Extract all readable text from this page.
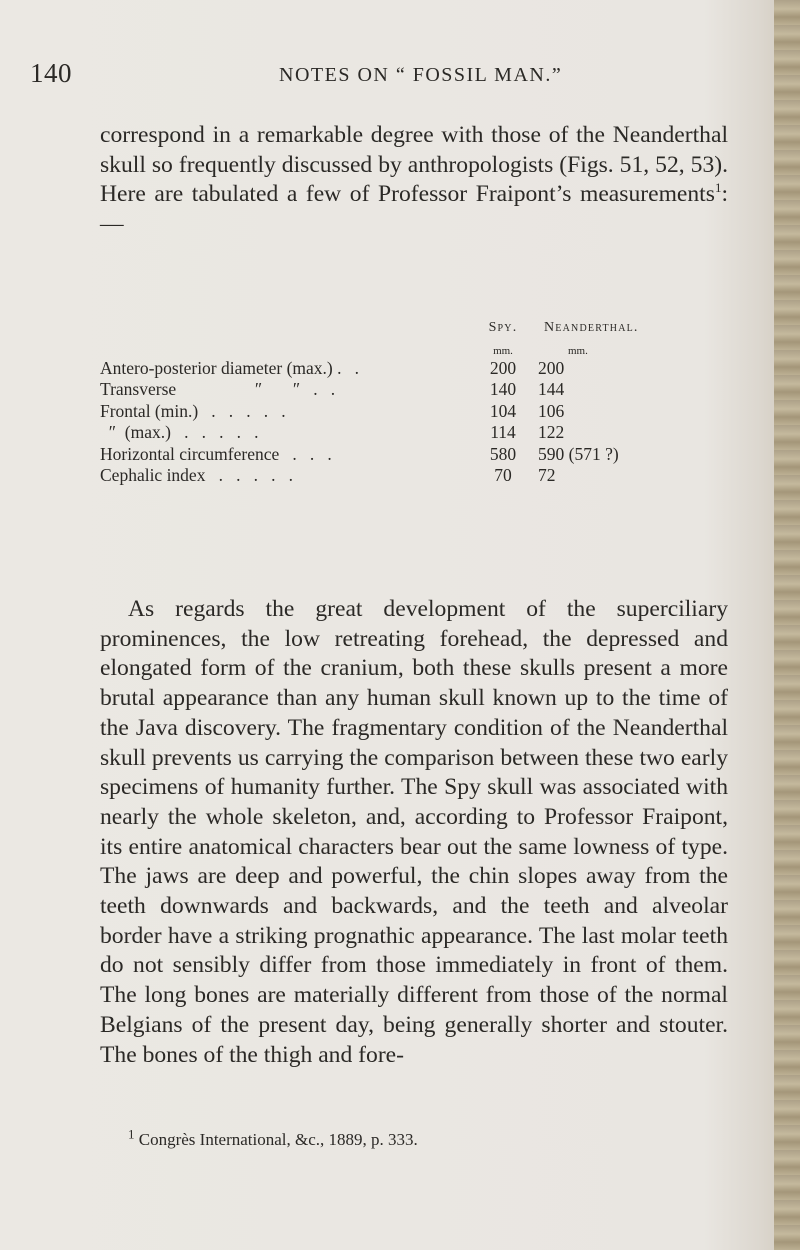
140	NOTES ON “ FOSSIL MAN.”
correspond in a remarkable degree with those of the Neanderthal skull so frequently discussed by anthropologists (Figs. 51, 52, 53). Here are tabulated a few of Professor Fraipont’s measurements$^1$:—
	Spy.	Neanderthal.
	mm.	mm.
Antero-posterior diameter (max.) .   .	200	200
Transverse                  ″       ″   .   .	140	144
Frontal (min.)   .   .   .   .   .	104	106
″  (max.)   .   .   .   .   .	114	122
Horizontal circumference   .   .   .	580	590 (571 ?)
Cephalic index   .   .   .   .   .	70	72
As regards the great development of the superciliary prominences, the low retreating forehead, the depressed and elongated form of the cranium, both these skulls present a more brutal appearance than any human skull known up to the time of the Java discovery. The fragmentary condition of the Neanderthal skull prevents us carrying the comparison between these two early specimens of humanity further. The Spy skull was associated with nearly the whole skeleton, and, according to Professor Fraipont, its entire anatomical characters bear out the same lowness of type. The jaws are deep and powerful, the chin slopes away from the teeth downwards and backwards, and the teeth and alveolar border have a striking prognathic appearance. The last molar teeth do not sensibly differ from those immediately in front of them. The long bones are materially different from those of the normal Belgians of the present day, being generally shorter and stouter. The bones of the thigh and fore-
$^1$ Congrès International, &c., 1889, p. 333.
